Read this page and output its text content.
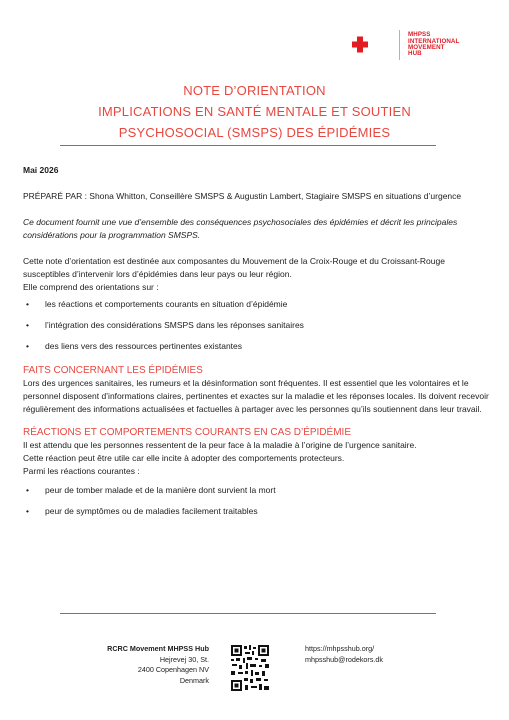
MHPSS
INTERNATIONAL
MOVEMENT
HUB
NOTE D’ORIENTATION
IMPLICATIONS EN SANTÉ MENTALE ET SOUTIEN
PSYCHOSOCIAL (SMSPS) DES ÉPIDÉMIES

Mai 2026

PRÉPARÉ PAR : Shona Whitton, Conseillère SMSPS & Augustin Lambert, Stagiaire SMSPS en situations d’urgence

Ce document fournit une vue d’ensemble des conséquences psychosociales des épidémies et décrit les principales considérations pour la programmation SMSPS.

Cette note d’orientation est destinée aux composantes du Mouvement de la Croix-Rouge et du Croissant-Rouge susceptibles d’intervenir lors d’épidémies dans leur pays ou leur région.

Elle comprend des orientations sur :

• les réactions et comportements courants en situation d’épidémie
• l’intégration des considérations SMSPS dans les réponses sanitaires
• des liens vers des ressources pertinentes existantes
FAITS CONCERNANT LES ÉPIDÉMIES

Lors des urgences sanitaires, les rumeurs et la désinformation sont fréquentes. Il est essentiel que les volontaires et le personnel disposent d’informations claires, pertinentes et exactes sur la maladie et les réponses locales. Ils doivent recevoir régulièrement des informations actualisées et factuelles à partager avec les personnes qu’ils soutiennent dans leur travail.

RÉACTIONS ET COMPORTEMENTS COURANTS EN CAS D’ÉPIDÉMIE

Il est attendu que les personnes ressentent de la peur face à la maladie à l’origine de l’urgence sanitaire.

Cette réaction peut être utile car elle incite à adopter des comportements protecteurs.

Parmi les réactions courantes :

• peur de tomber malade et de la manière dont survient la mort
• peur de symptômes ou de maladies facilement traitables
RCRC Movement MHPSS Hub
Hejrevej 30, St.
2400 Copenhagen NV
Denmark
https://mhpsshub.org/
mhpsshub@rodekors.dk
